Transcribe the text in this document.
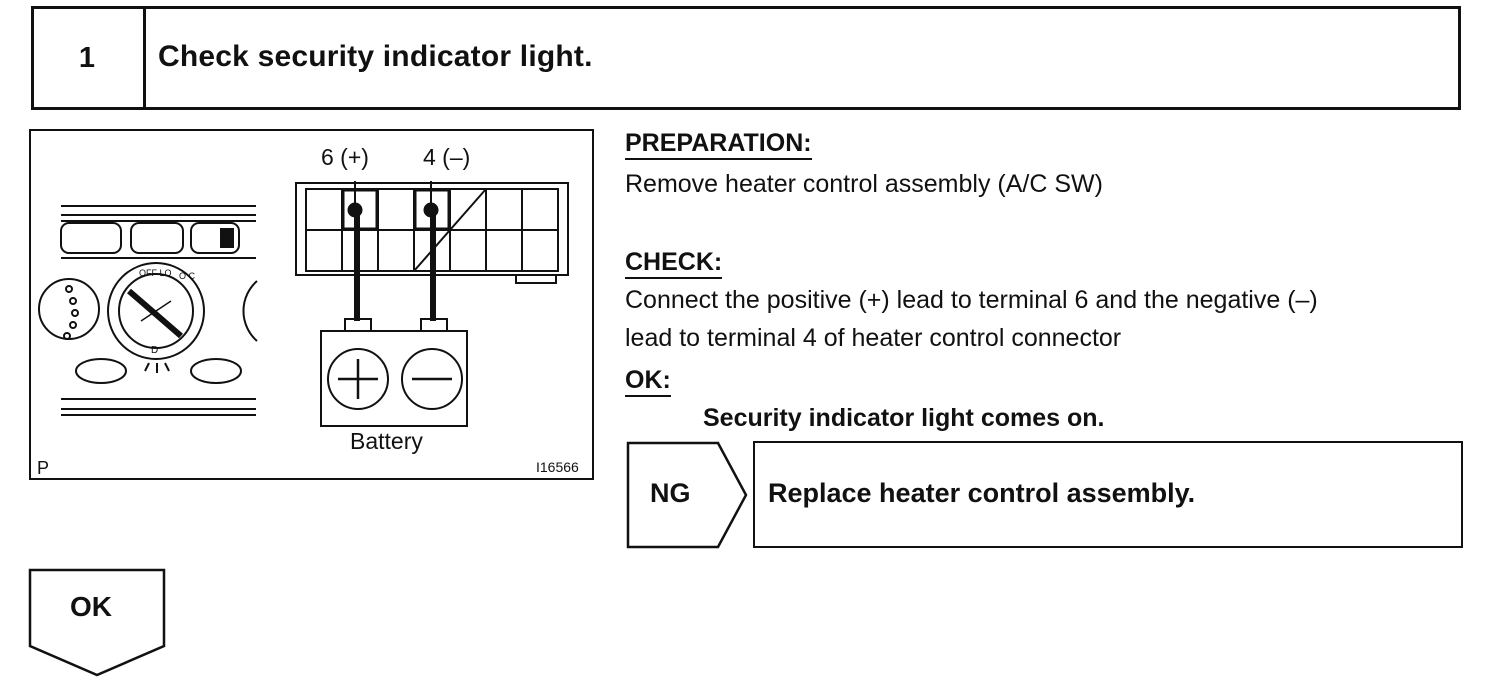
1	Check security indicator light.
OFF LO O C
D
6 (+) 4 (–)
Battery
P	I16566
PREPARATION:
Remove heater control assembly (A/C SW)
CHECK:
Connect the positive (+) lead to terminal 6 and the negative (–)
lead to terminal 4 of heater control connector
OK:
Security indicator light comes on.
NG	Replace heater control assembly.
OK
